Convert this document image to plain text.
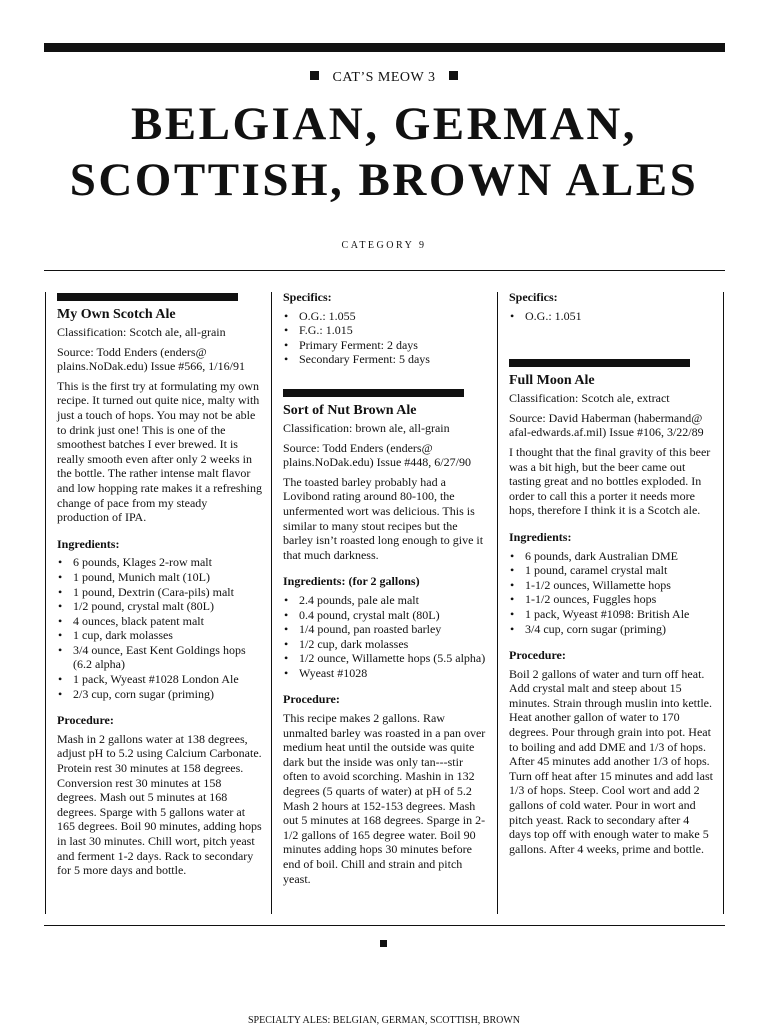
CAT’S MEOW 3
BELGIAN, GERMAN,
SCOTTISH, BROWN ALES
CATEGORY 9
My Own Scotch Ale

Classification: Scotch ale, all-grain

Source: Todd Enders (enders@ plains.NoDak.edu) Issue #566, 1/16/91

This is the first try at formulating my own recipe. It turned out quite nice, malty with just a touch of hops. You may not be able to drink just one! This is one of the smoothest batches I ever brewed. It is really smooth even after only 2 weeks in the bottle. The rather intense malt flavor and low hopping rate makes it a refreshing change of pace from my steady production of IPA.

Ingredients:
• 6 pounds, Klages 2-row malt
• 1 pound, Munich malt (10L)
• 1 pound, Dextrin (Cara-pils) malt
• 1/2 pound, crystal malt (80L)
• 4 ounces, black patent malt
• 1 cup, dark molasses
• 3/4 ounce, East Kent Goldings hops (6.2 alpha)
• 1 pack, Wyeast #1028 London Ale
• 2/3 cup, corn sugar (priming)
Procedure:

Mash in 2 gallons water at 138 degrees, adjust pH to 5.2 using Calcium Carbonate. Protein rest 30 minutes at 158 degrees. Conversion rest 30 minutes at 158 degrees. Mash out 5 minutes at 168 degrees. Sparge with 5 gallons water at 165 degrees. Boil 90 minutes, adding hops in last 30 minutes. Chill wort, pitch yeast and ferment 1-2 days. Rack to secondary for 5 more days and bottle.

Specifics:
• O.G.: 1.055
• F.G.: 1.015
• Primary Ferment: 2 days
• Secondary Ferment: 5 days
Sort of Nut Brown Ale

Classification: brown ale, all-grain

Source: Todd Enders (enders@ plains.NoDak.edu) Issue #448, 6/27/90

The toasted barley probably had a Lovibond rating around 80-100, the unfermented wort was delicious. This is similar to many stout recipes but the barley isn’t roasted long enough to give it that much darkness.

Ingredients: (for 2 gallons)
• 2.4 pounds, pale ale malt
• 0.4 pound, crystal malt (80L)
• 1/4 pound, pan roasted barley
• 1/2 cup, dark molasses
• 1/2 ounce, Willamette hops (5.5 alpha)
• Wyeast #1028
Procedure:

This recipe makes 2 gallons. Raw unmalted barley was roasted in a pan over medium heat until the outside was quite dark but the inside was only tan---stir often to avoid scorching. Mashin in 132 degrees (5 quarts of water) at pH of 5.2 Mash 2 hours at 152-153 degrees. Mash out 5 minutes at 168 degrees. Sparge in 2-1/2 gallons of 165 degree water. Boil 90 minutes adding hops 30 minutes before end of boil. Chill and strain and pitch yeast.

Specifics:
• O.G.: 1.051
Full Moon Ale

Classification: Scotch ale, extract

Source: David Haberman (habermand@ afal-edwards.af.mil) Issue #106, 3/22/89

I thought that the final gravity of this beer was a bit high, but the beer came out tasting great and no bottles exploded. In order to call this a porter it needs more hops, therefore I think it is a Scotch ale.

Ingredients:
• 6 pounds, dark Australian DME
• 1 pound, caramel crystal malt
• 1-1/2 ounces, Willamette hops
• 1-1/2 ounces, Fuggles hops
• 1 pack, Wyeast #1098: British Ale
• 3/4 cup, corn sugar (priming)
Procedure:

Boil 2 gallons of water and turn off heat. Add crystal malt and steep about 15 minutes. Strain through muslin into kettle. Heat another gallon of water to 170 degrees. Pour through grain into pot. Heat to boiling and add DME and 1/3 of hops. After 45 minutes add another 1/3 of hops. Turn off heat after 15 minutes and add last 1/3 of hops. Steep. Cool wort and add 2 gallons of cold water. Pour in wort and pitch yeast. Rack to secondary after 4 days top off with enough water to make 5 gallons. After 4 weeks, prime and bottle.

SPECIALTY ALES: BELGIAN, GERMAN, SCOTTISH, BROWN
